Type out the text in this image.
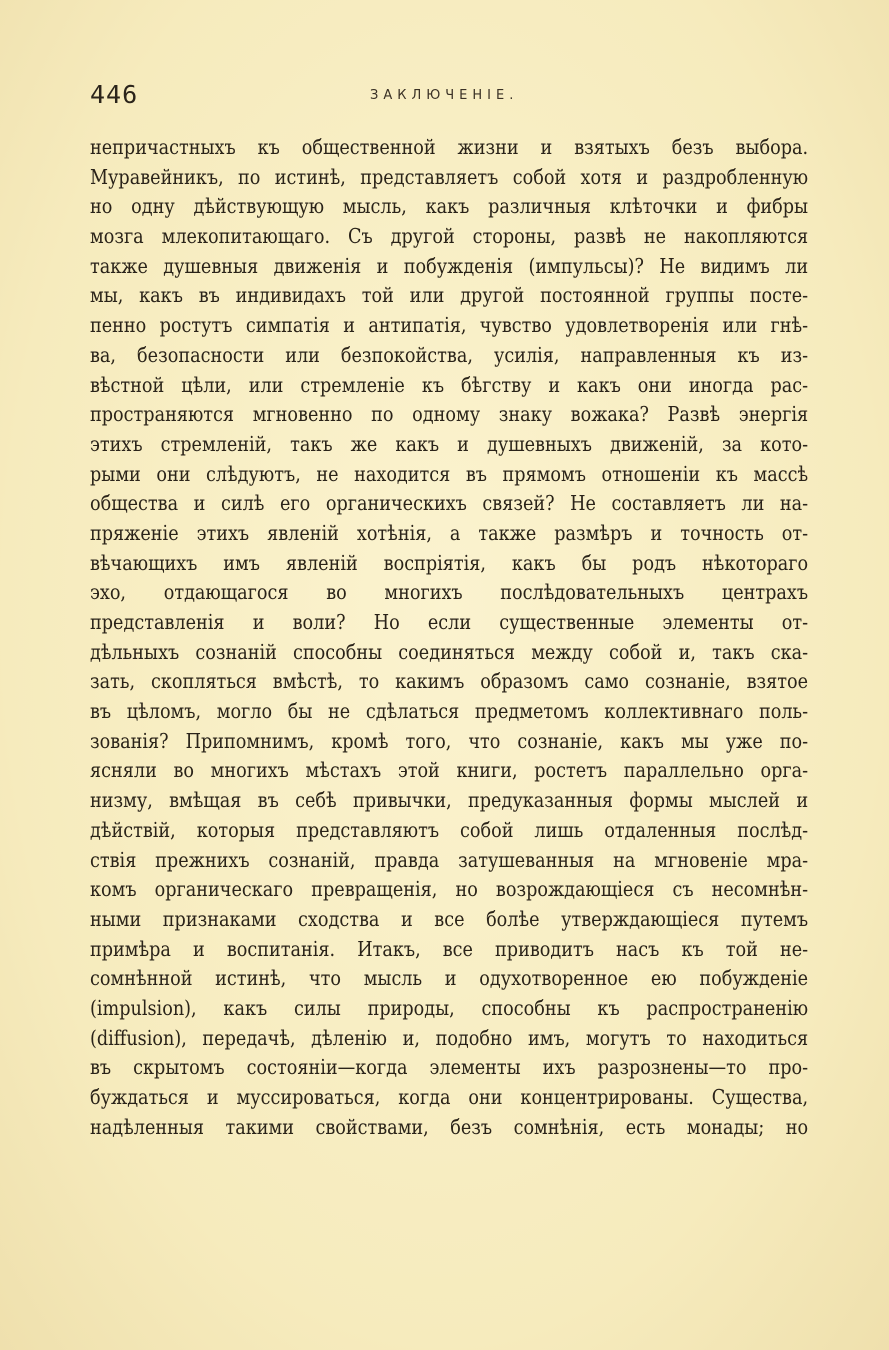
446	ЗАКЛЮЧЕНІЕ.
непричастныхъ къ общественной жизни и взятыхъ безъ выбора.
Муравейникъ, по истинѣ, представляетъ собой хотя и раздробленную
но одну дѣйствующую мысль, какъ различныя клѣточки и фибры
мозга млекопитающаго. Съ другой стороны, развѣ не накопляются
также душевныя движенія и побужденія (импульсы)? Не видимъ ли
мы, какъ въ индивидахъ той или другой постоянной группы посте-
пенно ростутъ симпатія и антипатія, чувство удовлетворенія или гнѣ-
ва, безопасности или безпокойства, усилія, направленныя къ из-
вѣстной цѣли, или стремленіе къ бѣгству и какъ они иногда рас-
пространяются мгновенно по одному знаку вожака? Развѣ энергія
этихъ стремленій, такъ же какъ и душевныхъ движеній, за кото-
рыми они слѣдуютъ, не находится въ прямомъ отношеніи къ массѣ
общества и силѣ его органическихъ связей? Не составляетъ ли на-
пряженіе этихъ явленій хотѣнія, а также размѣръ и точность от-
вѣчающихъ имъ явленій воспріятія, какъ бы родъ нѣкотораго
эхо, отдающагося во многихъ послѣдовательныхъ центрахъ
представленія и воли? Но если существенные элементы от-
дѣльныхъ сознаній способны соединяться между собой и, такъ ска-
зать, скопляться вмѣстѣ, то какимъ образомъ само сознаніе, взятое
въ цѣломъ, могло бы не сдѣлаться предметомъ коллективнаго поль-
зованія? Припомнимъ, кромѣ того, что сознаніе, какъ мы уже по-
ясняли во многихъ мѣстахъ этой книги, ростетъ параллельно орга-
низму, вмѣщая въ себѣ привычки, предуказанныя формы мыслей и
дѣйствій, которыя представляютъ собой лишь отдаленныя послѣд-
ствія прежнихъ сознаній, правда затушеванныя на мгновеніе мра-
комъ органическаго превращенія, но возрождающіеся съ несомнѣн-
ными признаками сходства и все болѣе утверждающіеся путемъ
примѣра и воспитанія. Итакъ, все приводитъ насъ къ той не-
сомнѣнной истинѣ, что мысль и одухотворенное ею побужденіе
(impulsion), какъ силы природы, способны къ распространенію
(diffusion), передачѣ, дѣленію и, подобно имъ, могутъ то находиться
въ скрытомъ состояніи—когда элементы ихъ разрознены—то про-
буждаться и муссироваться, когда они концентрированы. Существа,
надѣленныя такими свойствами, безъ сомнѣнія, есть монады; но
